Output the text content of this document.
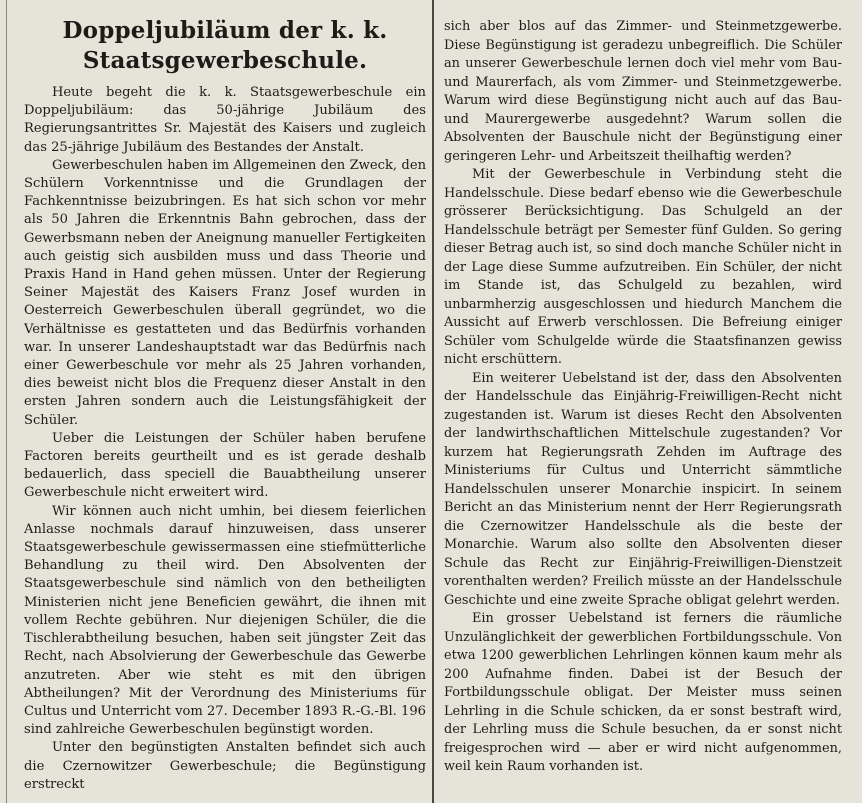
Doppeljubiläum der k. k. Staatsgewerbeschule.

Heute begeht die k. k. Staatsgewerbeschule ein Doppeljubiläum: das 50-jährige Jubiläum des Regierungsantrittes Sr. Majestät des Kaisers und zugleich das 25-jährige Jubiläum des Bestandes der Anstalt.

Gewerbeschulen haben im Allgemeinen den Zweck, den Schülern Vorkenntnisse und die Grundlagen der Fachkenntnisse beizubringen. Es hat sich schon vor mehr als 50 Jahren die Erkenntnis Bahn gebrochen, dass der Gewerbsmann neben der Aneignung manueller Fertigkeiten auch geistig sich ausbilden muss und dass Theorie und Praxis Hand in Hand gehen müssen. Unter der Regierung Seiner Majestät des Kaisers Franz Josef wurden in Oesterreich Gewerbeschulen überall gegründet, wo die Verhältnisse es gestatteten und das Bedürfnis vorhanden war. In unserer Landeshauptstadt war das Bedürfnis nach einer Gewerbeschule vor mehr als 25 Jahren vorhanden, dies beweist nicht blos die Frequenz dieser Anstalt in den ersten Jahren sondern auch die Leistungsfähigkeit der Schüler.

Ueber die Leistungen der Schüler haben berufene Factoren bereits geurtheilt und es ist gerade deshalb bedauerlich, dass speciell die Bauabtheilung unserer Gewerbeschule nicht erweitert wird.

Wir können auch nicht umhin, bei diesem feierlichen Anlasse nochmals darauf hinzuweisen, dass unserer Staatsgewerbeschule gewissermassen eine stiefmütterliche Behandlung zu theil wird. Den Absolventen der Staatsgewerbeschule sind nämlich von den betheiligten Ministerien nicht jene Beneficien gewährt, die ihnen mit vollem Rechte gebühren. Nur diejenigen Schüler, die die Tischlerabtheilung besuchen, haben seit jüngster Zeit das Recht, nach Absolvierung der Gewerbeschule das Gewerbe anzutreten. Aber wie steht es mit den übrigen Abtheilungen? Mit der Verordnung des Ministeriums für Cultus und Unterricht vom 27. December 1893 R.-G.-Bl. 196 sind zahlreiche Gewerbeschulen begünstigt worden.

Unter den begünstigten Anstalten befindet sich auch die Czernowitzer Gewerbeschule; die Begünstigung erstreckt

sich aber blos auf das Zimmer- und Steinmetzgewerbe. Diese Begünstigung ist geradezu unbegreiflich. Die Schüler an unserer Gewerbeschule lernen doch viel mehr vom Bau- und Maurerfach, als vom Zimmer- und Steinmetzgewerbe. Warum wird diese Begünstigung nicht auch auf das Bau- und Maurergewerbe ausgedehnt? Warum sollen die Absolventen der Bauschule nicht der Begünstigung einer geringeren Lehr- und Arbeitszeit theilhaftig werden?

Mit der Gewerbeschule in Verbindung steht die Handelsschule. Diese bedarf ebenso wie die Gewerbeschule grösserer Berücksichtigung. Das Schulgeld an der Handelsschule beträgt per Semester fünf Gulden. So gering dieser Betrag auch ist, so sind doch manche Schüler nicht in der Lage diese Summe aufzutreiben. Ein Schüler, der nicht im Stande ist, das Schulgeld zu bezahlen, wird unbarmherzig ausgeschlossen und hiedurch Manchem die Aussicht auf Erwerb verschlossen. Die Befreiung einiger Schüler vom Schulgelde würde die Staatsfinanzen gewiss nicht erschüttern.

Ein weiterer Uebelstand ist der, dass den Absolventen der Handelsschule das Einjährig-Freiwilligen-Recht nicht zugestanden ist. Warum ist dieses Recht den Absolventen der landwirthschaftlichen Mittelschule zugestanden? Vor kurzem hat Regierungsrath Zehden im Auftrage des Ministeriums für Cultus und Unterricht sämmtliche Handelsschulen unserer Monarchie inspicirt. In seinem Bericht an das Ministerium nennt der Herr Regierungsrath die Czernowitzer Handelsschule als die beste der Monarchie. Warum also sollte den Absolventen dieser Schule das Recht zur Einjährig-Freiwilligen-Dienstzeit vorenthalten werden? Freilich müsste an der Handelsschule Geschichte und eine zweite Sprache obligat gelehrt werden.

Ein grosser Uebelstand ist ferners die räumliche Unzulänglichkeit der gewerblichen Fortbildungsschule. Von etwa 1200 gewerblichen Lehrlingen können kaum mehr als 200 Aufnahme finden. Dabei ist der Besuch der Fortbildungsschule obligat. Der Meister muss seinen Lehrling in die Schule schicken, da er sonst bestraft wird, der Lehrling muss die Schule besuchen, da er sonst nicht freigesprochen wird — aber er wird nicht aufgenommen, weil kein Raum vorhanden ist.
